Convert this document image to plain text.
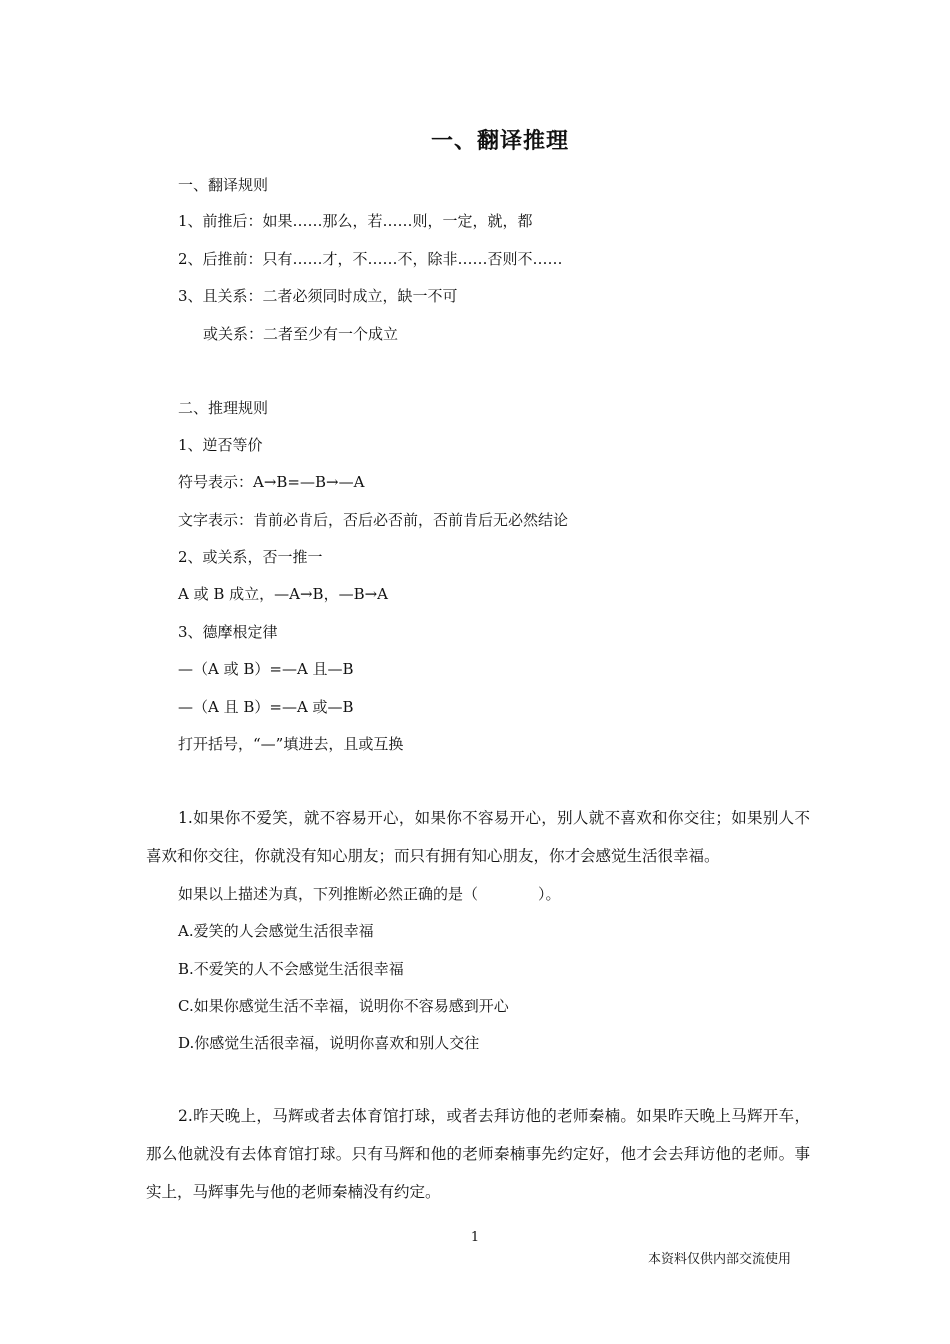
一、翻译推理
一、翻译规则
1、前推后：如果……那么，若……则，一定，就，都
2、后推前：只有……才，不……不，除非……否则不……
3、且关系：二者必须同时成立，缺一不可
或关系：二者至少有一个成立
二、推理规则
1、逆否等价
符号表示：A→B=—B→—A
文字表示：肯前必肯后，否后必否前，否前肯后无必然结论
2、或关系，否一推一
A 或 B 成立，—A→B，—B→A
3、德摩根定律
—（A 或 B）=—A 且—B
—（A 且 B）=—A 或—B
打开括号，“—”填进去，且或互换
1.如果你不爱笑，就不容易开心，如果你不容易开心，别人就不喜欢和你交往；如果别人不喜欢和你交往，你就没有知心朋友；而只有拥有知心朋友，你才会感觉生活很幸福。
如果以上描述为真，下列推断必然正确的是（　　　　）。
A.爱笑的人会感觉生活很幸福
B.不爱笑的人不会感觉生活很幸福
C.如果你感觉生活不幸福，说明你不容易感到开心
D.你感觉生活很幸福，说明你喜欢和别人交往
2.昨天晚上，马辉或者去体育馆打球，或者去拜访他的老师秦楠。如果昨天晚上马辉开车，那么他就没有去体育馆打球。只有马辉和他的老师秦楠事先约定好，他才会去拜访他的老师。事实上，马辉事先与他的老师秦楠没有约定。
1
本资料仅供内部交流使用
